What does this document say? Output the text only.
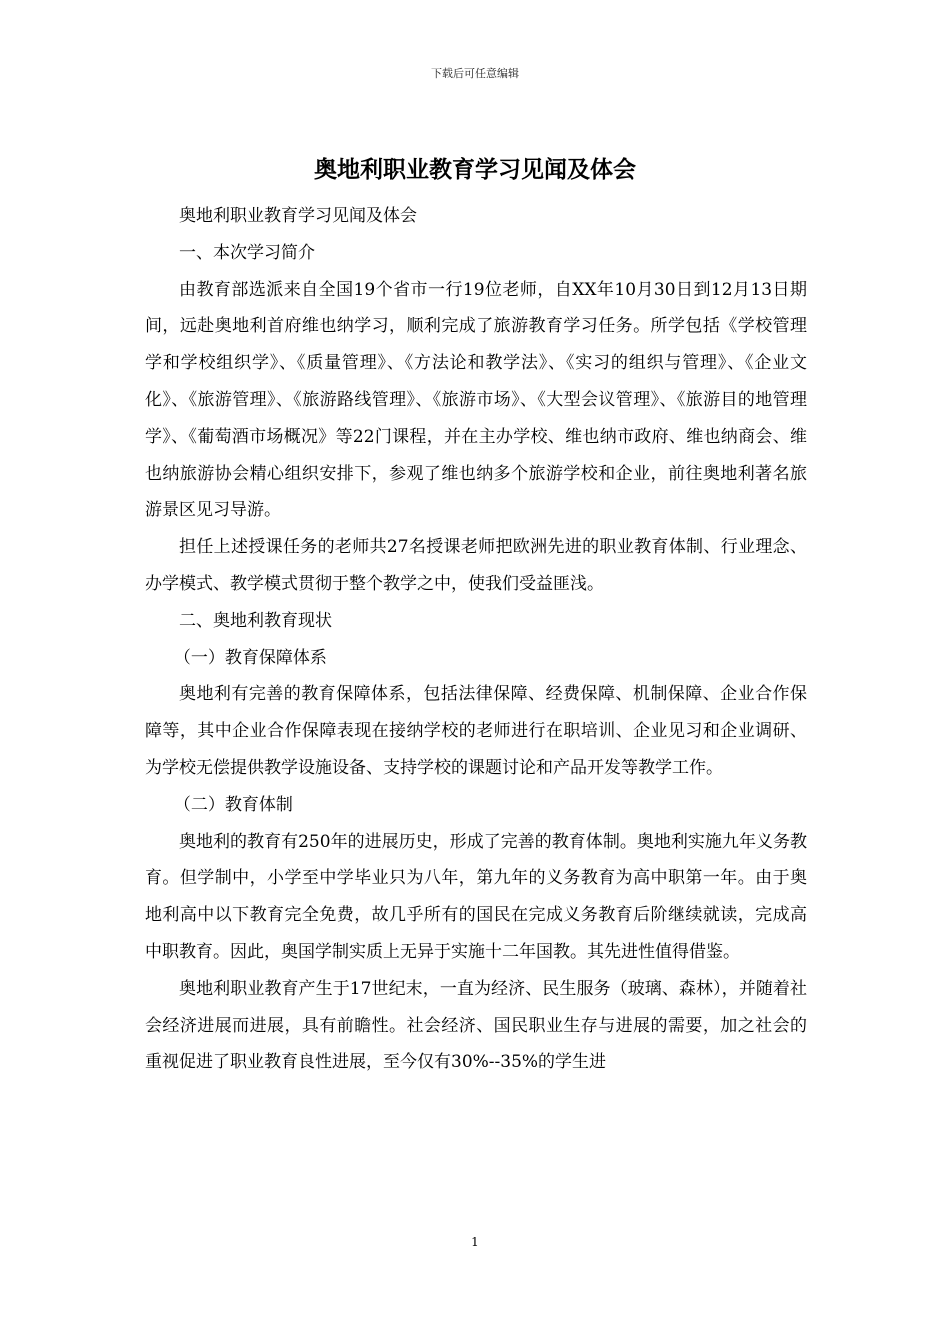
下载后可任意编辑
奥地利职业教育学习见闻及体会

奥地利职业教育学习见闻及体会

一、本次学习简介

由教育部选派来自全国19个省市一行19位老师，自XX年10月30日到12月13日期间，远赴奥地利首府维也纳学习，顺利完成了旅游教育学习任务。所学包括《学校管理学和学校组织学》、《质量管理》、《方法论和教学法》、《实习的组织与管理》、《企业文化》、《旅游管理》、《旅游路线管理》、《旅游市场》、《大型会议管理》、《旅游目的地管理学》、《葡萄酒市场概况》等22门课程，并在主办学校、维也纳市政府、维也纳商会、维也纳旅游协会精心组织安排下，参观了维也纳多个旅游学校和企业，前往奥地利著名旅游景区见习导游。

担任上述授课任务的老师共27名授课老师把欧洲先进的职业教育体制、行业理念、办学模式、教学模式贯彻于整个教学之中，使我们受益匪浅。

二、奥地利教育现状

（一）教育保障体系

奥地利有完善的教育保障体系，包括法律保障、经费保障、机制保障、企业合作保障等，其中企业合作保障表现在接纳学校的老师进行在职培训、企业见习和企业调研、为学校无偿提供教学设施设备、支持学校的课题讨论和产品开发等教学工作。

（二）教育体制

奥地利的教育有250年的进展历史，形成了完善的教育体制。奥地利实施九年义务教育。但学制中，小学至中学毕业只为八年，第九年的义务教育为高中职第一年。由于奥地利高中以下教育完全免费，故几乎所有的国民在完成义务教育后阶继续就读，完成高中职教育。因此，奥国学制实质上无异于实施十二年国教。其先进性值得借鉴。

奥地利职业教育产生于17世纪末，一直为经济、民生服务（玻璃、森林），并随着社会经济进展而进展，具有前瞻性。社会经济、国民职业生存与进展的需要，加之社会的重视促进了职业教育良性进展，至今仅有30%--35%的学生进

1
